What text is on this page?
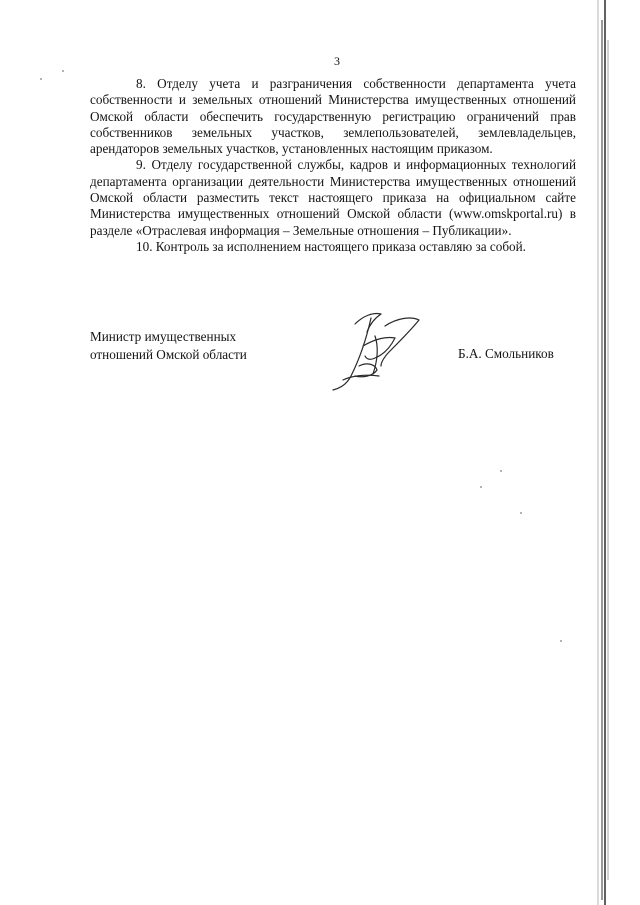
3

8. Отделу учета и разграничения собственности департамента учета собственности и земельных отношений Министерства имущественных отношений Омской области обеспечить государственную регистрацию ограничений прав собственников земельных участков, землепользователей, землевладельцев, арендаторов земельных участков, установленных настоящим приказом.

9. Отделу государственной службы, кадров и информационных технологий департамента организации деятельности Министерства имущественных отношений Омской области разместить текст настоящего приказа на официальном сайте Министерства имущественных отношений Омской области (www.omskportal.ru) в разделе «Отраслевая информация – Земельные отношения – Публикации».

10. Контроль за исполнением настоящего приказа оставляю за собой.

Министр имущественных
отношений Омской области	Б.А. Смольников
